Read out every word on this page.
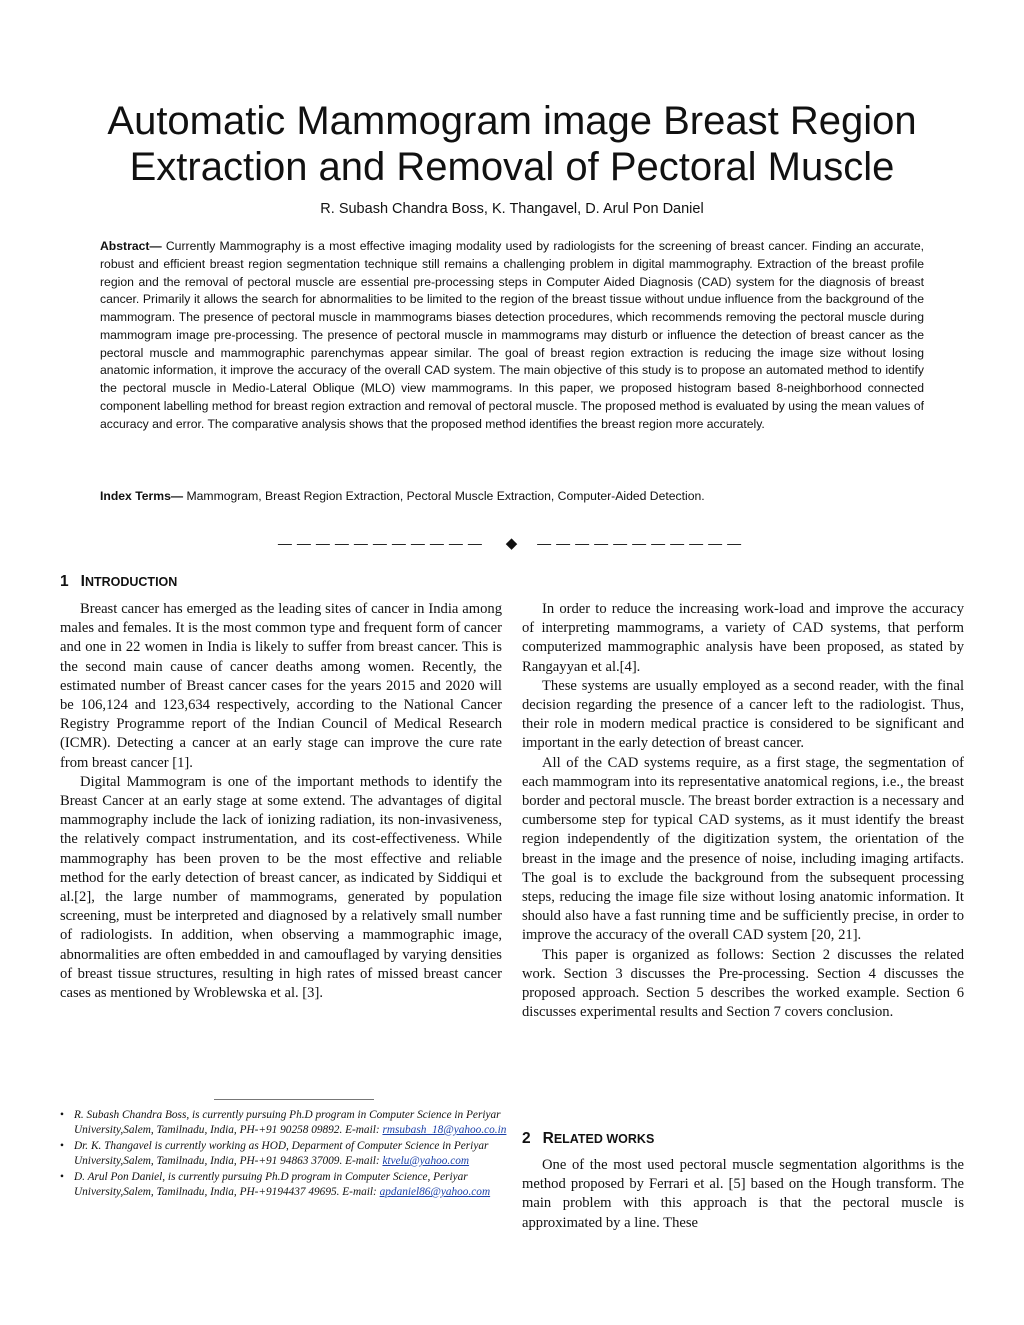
Automatic Mammogram image Breast Region
Extraction and Removal of Pectoral Muscle
R. Subash Chandra Boss, K. Thangavel, D. Arul Pon Daniel
Abstract— Currently Mammography is a most effective imaging modality used by radiologists for the screening of breast cancer. Finding an accurate, robust and efficient breast region segmentation technique still remains a challenging problem in digital mammography. Extraction of the breast profile region and the removal of pectoral muscle are essential pre-processing steps in Computer Aided Diagnosis (CAD) system for the diagnosis of breast cancer. Primarily it allows the search for abnormalities to be limited to the region of the breast tissue without undue influence from the background of the mammogram. The presence of pectoral muscle in mammograms biases detection procedures, which recommends removing the pectoral muscle during mammogram image pre-processing. The presence of pectoral muscle in mammograms may disturb or influence the detection of breast cancer as the pectoral muscle and mammographic parenchymas appear similar. The goal of breast region extraction is reducing the image size without losing anatomic information, it improve the accuracy of the overall CAD system. The main objective of this study is to propose an automated method to identify the pectoral muscle in Medio-Lateral Oblique (MLO) view mammograms. In this paper, we proposed histogram based 8-neighborhood connected component labelling method for breast region extraction and removal of pectoral muscle. The proposed method is evaluated by using the mean values of accuracy and error. The comparative analysis shows that the proposed method identifies the breast region more accurately.
Index Terms— Mammogram, Breast Region Extraction, Pectoral Muscle Extraction, Computer-Aided Detection.
——————————— ◆ ———————————
1 INTRODUCTION

Breast cancer has emerged as the leading sites of cancer in India among males and females. It is the most common type and frequent form of cancer and one in 22 women in India is likely to suffer from breast cancer. This is the second main cause of cancer deaths among women. Recently, the estimated number of Breast cancer cases for the years 2015 and 2020 will be 106,124 and 123,634 respectively, according to the National Cancer Registry Programme report of the Indian Council of Medical Research (ICMR). Detecting a cancer at an early stage can improve the cure rate from breast cancer [1].

Digital Mammogram is one of the important methods to identify the Breast Cancer at an early stage at some extend. The advantages of digital mammography include the lack of ionizing radiation, its non-invasiveness, the relatively compact instrumentation, and its cost-effectiveness. While mammography has been proven to be the most effective and reliable method for the early detection of breast cancer, as indicated by Siddiqui et al.[2], the large number of mammograms, generated by population screening, must be interpreted and diagnosed by a relatively small number of radiologists. In addition, when observing a mammographic image, abnormalities are often embedded in and camouflaged by varying densities of breast tissue structures, resulting in high rates of missed breast cancer cases as mentioned by Wroblewska et al. [3].

In order to reduce the increasing work-load and improve the accuracy of interpreting mammograms, a variety of CAD systems, that perform computerized mammographic analysis have been proposed, as stated by Rangayyan et al.[4].

These systems are usually employed as a second reader, with the final decision regarding the presence of a cancer left to the radiologist. Thus, their role in modern medical practice is considered to be significant and important in the early detection of breast cancer.

All of the CAD systems require, as a first stage, the segmentation of each mammogram into its representative anatomical regions, i.e., the breast border and pectoral muscle. The breast border extraction is a necessary and cumbersome step for typical CAD systems, as it must identify the breast region independently of the digitization system, the orientation of the breast in the image and the presence of noise, including imaging artifacts. The goal is to exclude the background from the subsequent processing steps, reducing the image file size without losing anatomic information. It should also have a fast running time and be sufficiently precise, in order to improve the accuracy of the overall CAD system [20, 21].

This paper is organized as follows: Section 2 discusses the related work. Section 3 discusses the Pre-processing. Section 4 discusses the proposed approach. Section 5 describes the worked example. Section 6 discusses experimental results and Section 7 covers conclusion.

2 RELATED WORKS

One of the most used pectoral muscle segmentation algorithms is the method proposed by Ferrari et al. [5] based on the Hough transform. The main problem with this approach is that the pectoral muscle is approximated by a line. These

• R. Subash Chandra Boss, is currently pursuing Ph.D program in Computer Science in Periyar University,Salem, Tamilnadu, India, PH-+91 90258 09892. E-mail: rmsubash_18@yahoo.co.in
• Dr. K. Thangavel is currently working as HOD, Deparment of Computer Science in Periyar University,Salem, Tamilnadu, India, PH-+91 94863 37009. E-mail: ktvelu@yahoo.com
• D. Arul Pon Daniel, is currently pursuing Ph.D program in Computer Science, Periyar University,Salem, Tamilnadu, India, PH-+9194437 49695. E-mail: apdaniel86@yahoo.com
